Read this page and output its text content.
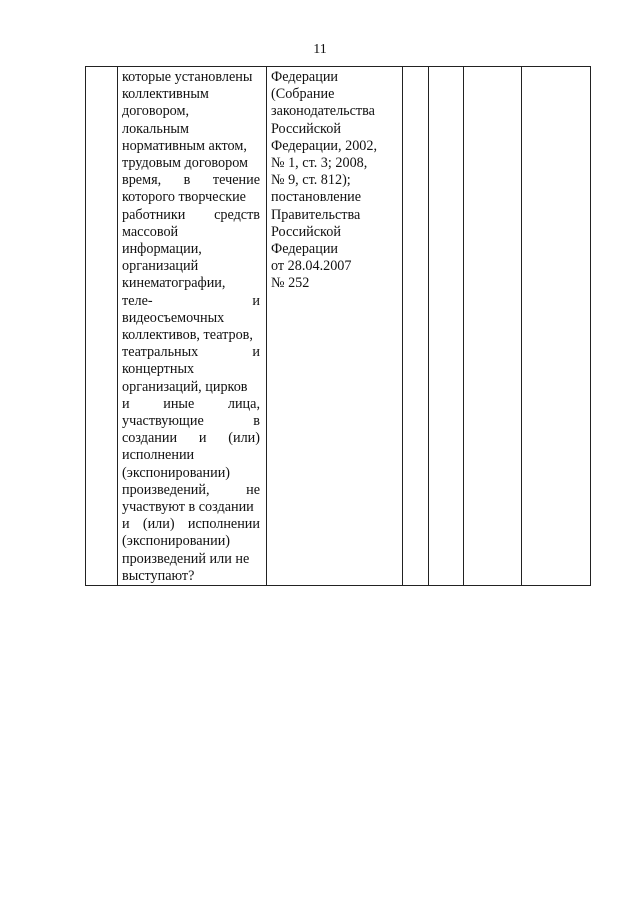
11

которые установлены
коллективным
договором,
локальным
нормативным актом,
трудовым договором
время, в течение
которого творческие
работники средств
массовой
информации,
организаций
кинематографии,
теле- и
видеосъемочных
коллективов, театров,
театральных и
концертных
организаций, цирков
и иные лица,
участвующие в
создании и (или)
исполнении
(экспонировании)
произведений, не
участвуют в создании
и (или) исполнении
(экспонировании)
произведений или не
выступают?

Федерации
(Собрание
законодательства
Российской
Федерации, 2002,
№ 1, ст. 3; 2008,
№ 9, ст. 812);
постановление
Правительства
Российской
Федерации
от 28.04.2007
№ 252
